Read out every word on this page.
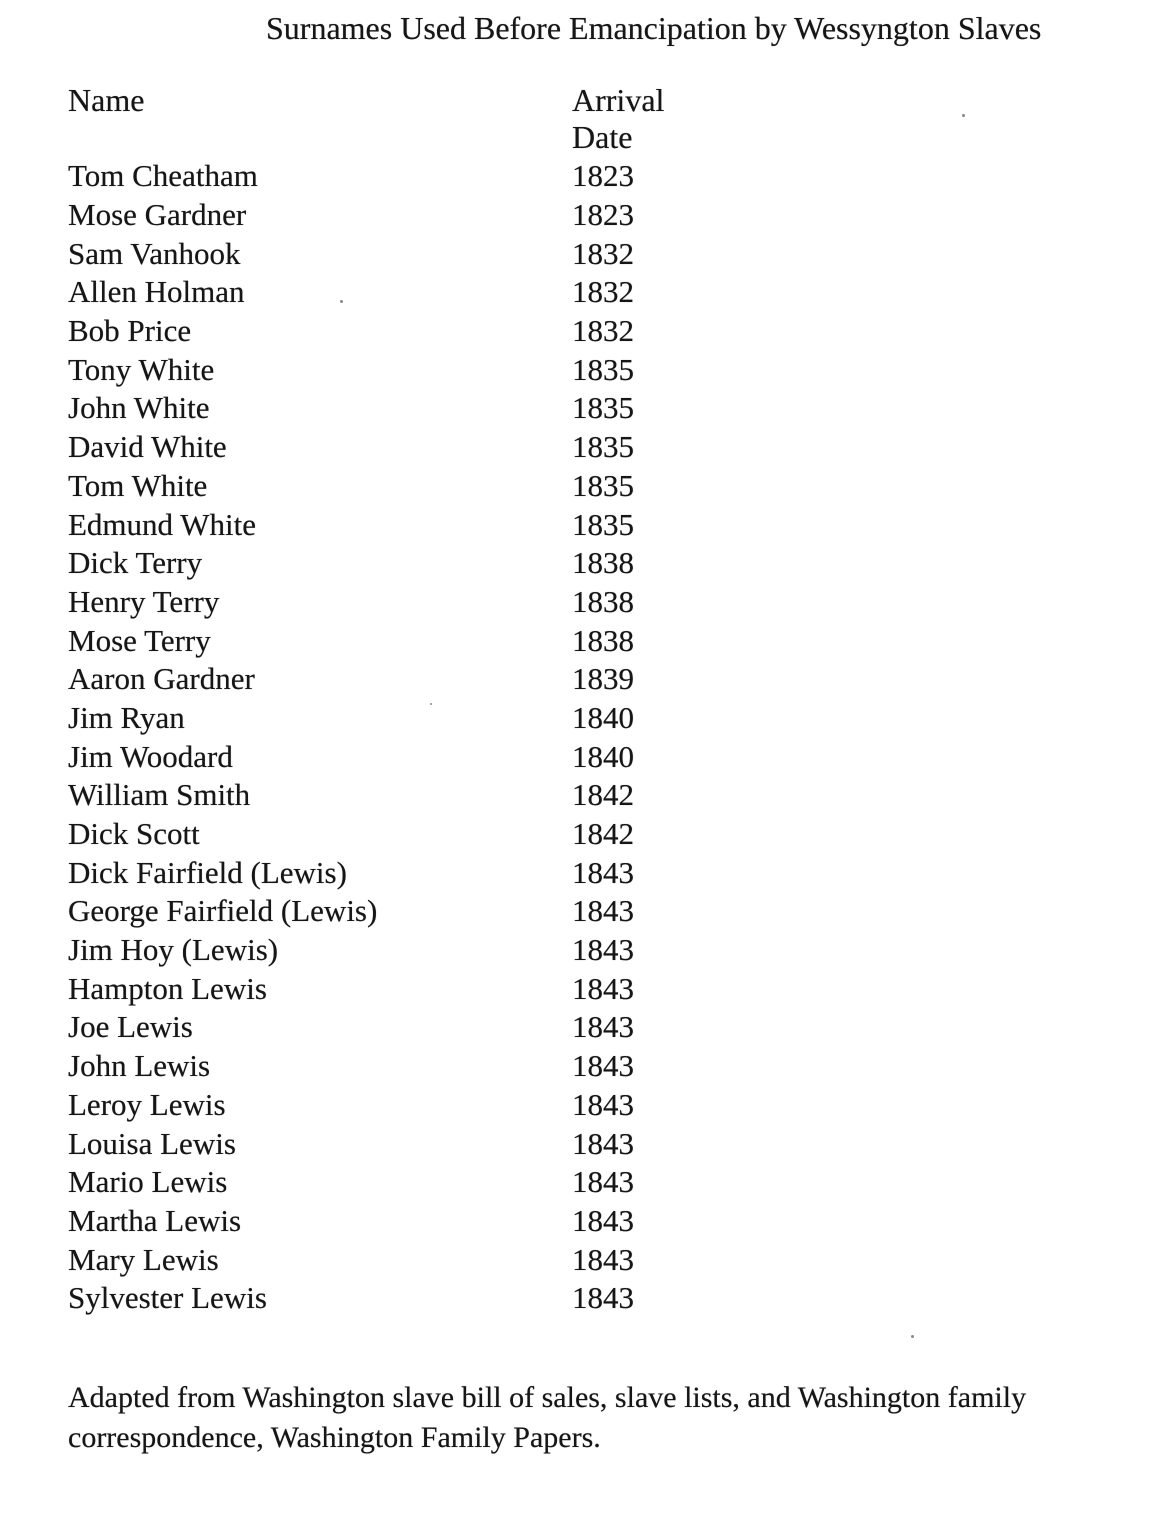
Surnames Used Before Emancipation by Wessyngton Slaves
Name	Arrival Date
Tom Cheatham	1823
Mose Gardner	1823
Sam Vanhook	1832
Allen Holman	1832
Bob Price	1832
Tony White	1835
John White	1835
David White	1835
Tom White	1835
Edmund White	1835
Dick Terry	1838
Henry Terry	1838
Mose Terry	1838
Aaron Gardner	1839
Jim Ryan	1840
Jim Woodard	1840
William Smith	1842
Dick Scott	1842
Dick Fairfield (Lewis)	1843
George Fairfield (Lewis)	1843
Jim Hoy (Lewis)	1843
Hampton Lewis	1843
Joe Lewis	1843
John Lewis	1843
Leroy Lewis	1843
Louisa Lewis	1843
Mario Lewis	1843
Martha Lewis	1843
Mary Lewis	1843
Sylvester Lewis	1843
Adapted from Washington slave bill of sales, slave lists, and Washington family
correspondence, Washington Family Papers.
